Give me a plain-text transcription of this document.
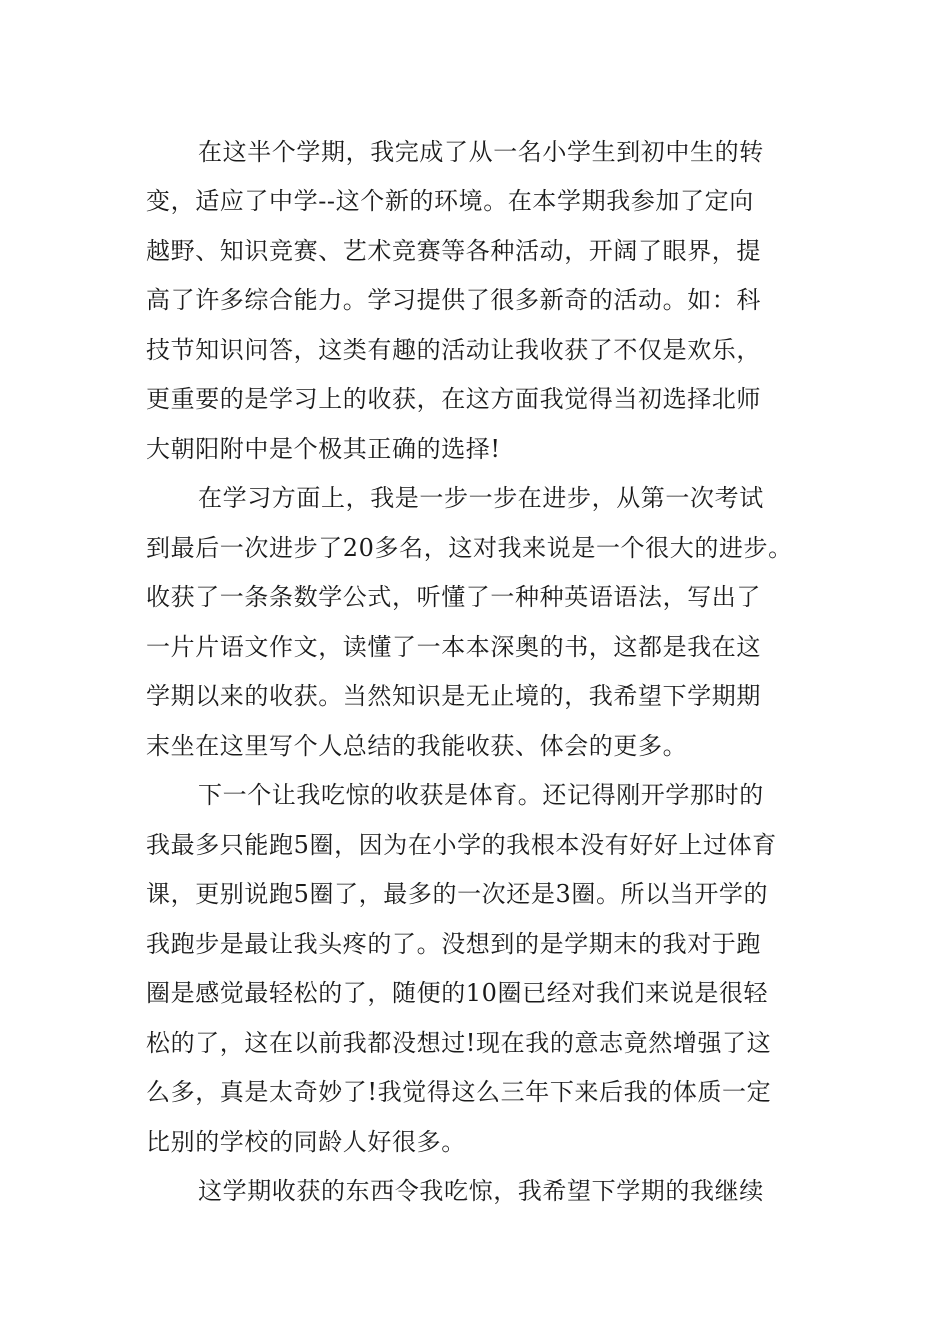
在这半个学期，我完成了从一名小学生到初中生的转
变，适应了中学--这个新的环境。在本学期我参加了定向
越野、知识竞赛、艺术竞赛等各种活动，开阔了眼界，提
高了许多综合能力。学习提供了很多新奇的活动。如：科
技节知识问答，这类有趣的活动让我收获了不仅是欢乐，
更重要的是学习上的收获，在这方面我觉得当初选择北师
大朝阳附中是个极其正确的选择!
在学习方面上，我是一步一步在进步，从第一次考试
到最后一次进步了20多名，这对我来说是一个很大的进步。
收获了一条条数学公式，听懂了一种种英语语法，写出了
一片片语文作文，读懂了一本本深奥的书，这都是我在这
学期以来的收获。当然知识是无止境的，我希望下学期期
末坐在这里写个人总结的我能收获、体会的更多。
下一个让我吃惊的收获是体育。还记得刚开学那时的
我最多只能跑5圈，因为在小学的我根本没有好好上过体育
课，更别说跑5圈了，最多的一次还是3圈。所以当开学的
我跑步是最让我头疼的了。没想到的是学期末的我对于跑
圈是感觉最轻松的了，随便的10圈已经对我们来说是很轻
松的了，这在以前我都没想过!现在我的意志竟然增强了这
么多，真是太奇妙了!我觉得这么三年下来后我的体质一定
比别的学校的同龄人好很多。
这学期收获的东西令我吃惊，我希望下学期的我继续
